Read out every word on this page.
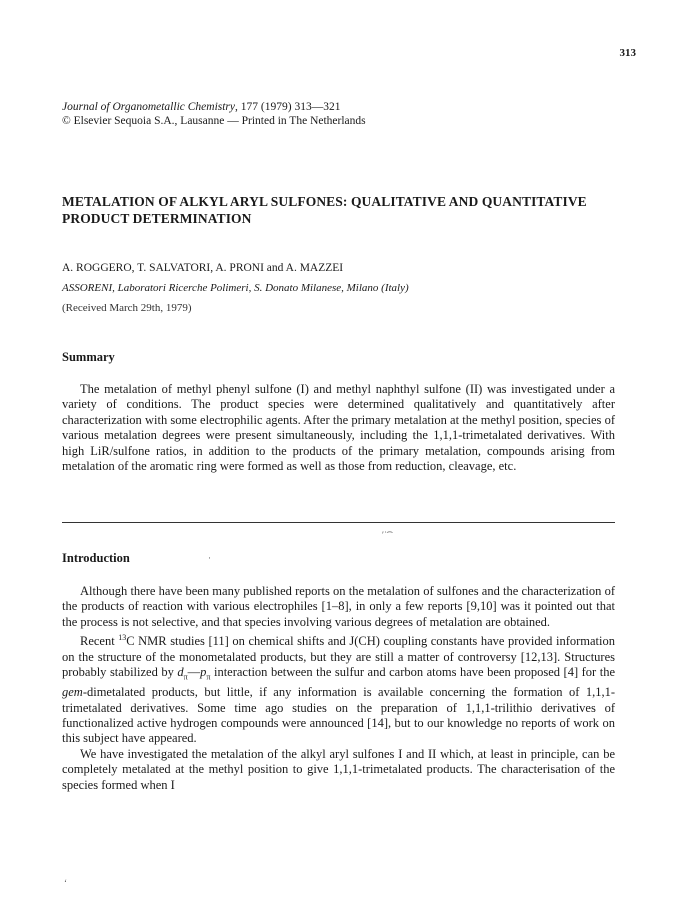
313
Journal of Organometallic Chemistry, 177 (1979) 313—321
© Elsevier Sequoia S.A., Lausanne — Printed in The Netherlands
METALATION OF ALKYL ARYL SULFONES: QUALITATIVE AND QUANTITATIVE PRODUCT DETERMINATION
A. ROGGERO, T. SALVATORI, A. PRONI and A. MAZZEI
ASSORENI, Laboratori Ricerche Polimeri, S. Donato Milanese, Milano (Italy)
(Received March 29th, 1979)
Summary

The metalation of methyl phenyl sulfone (I) and methyl naphthyl sulfone (II) was investigated under a variety of conditions. The product species were determined qualitatively and quantitatively after characterization with some electrophilic agents. After the primary metalation at the methyl position, species of various metalation degrees were present simultaneously, including the 1,1,1-trimetalated derivatives. With high LiR/sulfone ratios, in addition to the products of the primary metalation, compounds arising from metalation of the aromatic ring were formed as well as those from reduction, cleavage, etc.

′˙͡
Introduction	·

Although there have been many published reports on the metalation of sulfones and the characterization of the products of reaction with various electrophiles [1–8], in only a few reports [9,10] was it pointed out that the process is not selective, and that species involving various degrees of metalation are obtained.

Recent $^{13}$C NMR studies [11] on chemical shifts and J(CH) coupling constants have provided information on the structure of the monometalated products, but they are still a matter of controversy [12,13]. Structures probably stabilized by $d_\pi—p_\pi$ interaction between the sulfur and carbon atoms have been proposed [4] for the gem-dimetalated products, but little, if any information is available concerning the formation of 1,1,1-trimetalated derivatives. Some time ago studies on the preparation of 1,1,1-trilithio derivatives of functionalized active hydrogen compounds were announced [14], but to our knowledge no reports of work on this subject have appeared.

We have investigated the metalation of the alkyl aryl sulfones I and II which, at least in principle, can be completely metalated at the methyl position to give 1,1,1-trimetalated products. The characterisation of the species formed when I

ʻ
